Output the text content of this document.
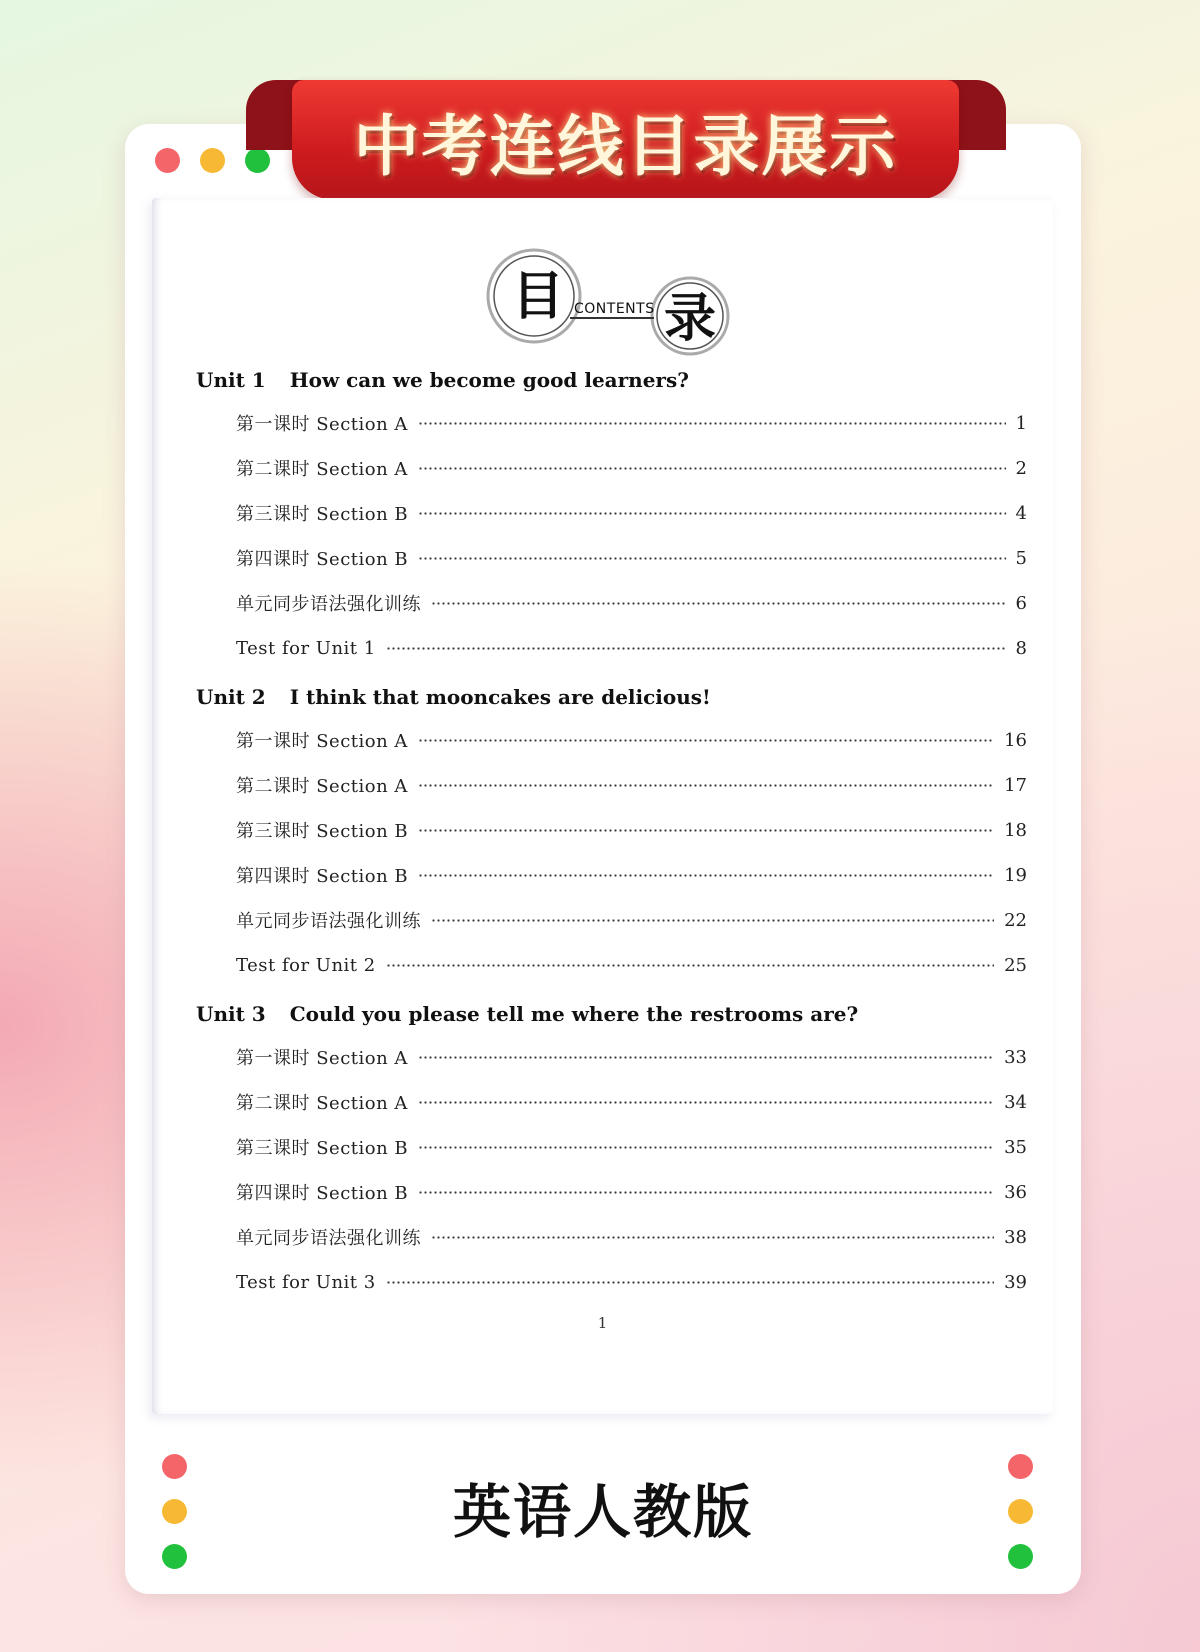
中考连线目录展示
目 CONTENTS 录
Unit 1 How can we become good learners?
第一课时 Section A	1
第二课时 Section A	2
第三课时 Section B	4
第四课时 Section B	5
单元同步语法强化训练	6
Test for Unit 1	8
Unit 2 I think that mooncakes are delicious!
第一课时 Section A	16
第二课时 Section A	17
第三课时 Section B	18
第四课时 Section B	19
单元同步语法强化训练	22
Test for Unit 2	25
Unit 3 Could you please tell me where the restrooms are?
第一课时 Section A	33
第二课时 Section A	34
第三课时 Section B	35
第四课时 Section B	36
单元同步语法强化训练	38
Test for Unit 3	39
1
英语人教版
